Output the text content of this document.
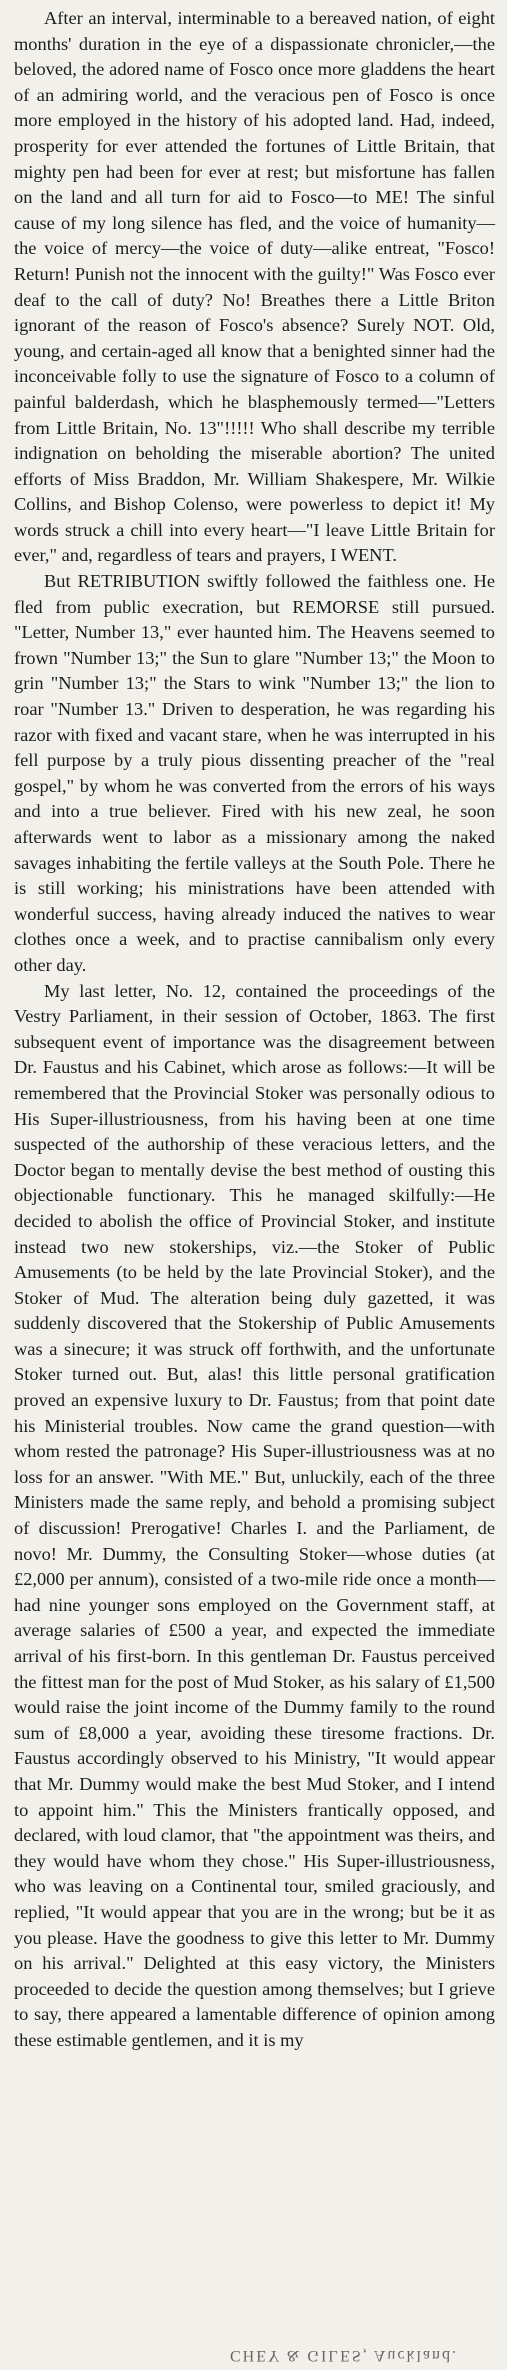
After an interval, interminable to a bereaved nation, of eight months' duration in the eye of a dispassionate chronicler,—the beloved, the adored name of Fosco once more gladdens the heart of an admiring world, and the veracious pen of Fosco is once more employed in the history of his adopted land. Had, indeed, prosperity for ever attended the fortunes of Little Britain, that mighty pen had been for ever at rest; but misfortune has fallen on the land and all turn for aid to Fosco—to ME! The sinful cause of my long silence has fled, and the voice of humanity—the voice of mercy—the voice of duty—alike entreat, "Fosco! Return! Punish not the innocent with the guilty!" Was Fosco ever deaf to the call of duty? No! Breathes there a Little Briton ignorant of the reason of Fosco's absence? Surely NOT. Old, young, and certain-aged all know that a benighted sinner had the inconceivable folly to use the signature of Fosco to a column of painful balderdash, which he blasphemously termed—"Letters from Little Britain, No. 13"!!!!! Who shall describe my terrible indignation on beholding the miserable abortion? The united efforts of Miss Braddon, Mr. William Shakespere, Mr. Wilkie Collins, and Bishop Colenso, were powerless to depict it! My words struck a chill into every heart—"I leave Little Britain for ever," and, regardless of tears and prayers, I WENT.

But RETRIBUTION swiftly followed the faithless one. He fled from public execration, but REMORSE still pursued. "Letter, Number 13," ever haunted him. The Heavens seemed to frown "Number 13;" the Sun to glare "Number 13;" the Moon to grin "Number 13;" the Stars to wink "Number 13;" the lion to roar "Number 13." Driven to desperation, he was regarding his razor with fixed and vacant stare, when he was interrupted in his fell purpose by a truly pious dissenting preacher of the "real gospel," by whom he was converted from the errors of his ways and into a true believer. Fired with his new zeal, he soon afterwards went to labor as a missionary among the naked savages inhabiting the fertile valleys at the South Pole. There he is still working; his ministrations have been attended with wonderful success, having already induced the natives to wear clothes once a week, and to practise cannibalism only every other day.

My last letter, No. 12, contained the proceedings of the Vestry Parliament, in their session of October, 1863. The first subsequent event of importance was the disagreement between Dr. Faustus and his Cabinet, which arose as follows:—It will be remembered that the Provincial Stoker was personally odious to His Super-illustriousness, from his having been at one time suspected of the authorship of these veracious letters, and the Doctor began to mentally devise the best method of ousting this objectionable functionary. This he managed skilfully:—He decided to abolish the office of Provincial Stoker, and institute instead two new stokerships, viz.—the Stoker of Public Amusements (to be held by the late Provincial Stoker), and the Stoker of Mud. The alteration being duly gazetted, it was suddenly discovered that the Stokership of Public Amusements was a sinecure; it was struck off forthwith, and the unfortunate Stoker turned out. But, alas! this little personal gratification proved an expensive luxury to Dr. Faustus; from that point date his Ministerial troubles. Now came the grand question—with whom rested the patronage? His Super-illustriousness was at no loss for an answer. "With ME." But, unluckily, each of the three Ministers made the same reply, and behold a promising subject of discussion! Prerogative! Charles I. and the Parliament, de novo! Mr. Dummy, the Consulting Stoker—whose duties (at £2,000 per annum), consisted of a two-mile ride once a month—had nine younger sons employed on the Government staff, at average salaries of £500 a year, and expected the immediate arrival of his first-born. In this gentleman Dr. Faustus perceived the fittest man for the post of Mud Stoker, as his salary of £1,500 would raise the joint income of the Dummy family to the round sum of £8,000 a year, avoiding these tiresome fractions. Dr. Faustus accordingly observed to his Ministry, "It would appear that Mr. Dummy would make the best Mud Stoker, and I intend to appoint him." This the Ministers frantically opposed, and declared, with loud clamor, that "the appointment was theirs, and they would have whom they chose." His Super-illustriousness, who was leaving on a Continental tour, smiled graciously, and replied, "It would appear that you are in the wrong; but be it as you please. Have the goodness to give this letter to Mr. Dummy on his arrival." Delighted at this easy victory, the Ministers proceeded to decide the question among themselves; but I grieve to say, there appeared a lamentable difference of opinion among these estimable gentlemen, and it is my

CHEY & GILES, Auckland.
